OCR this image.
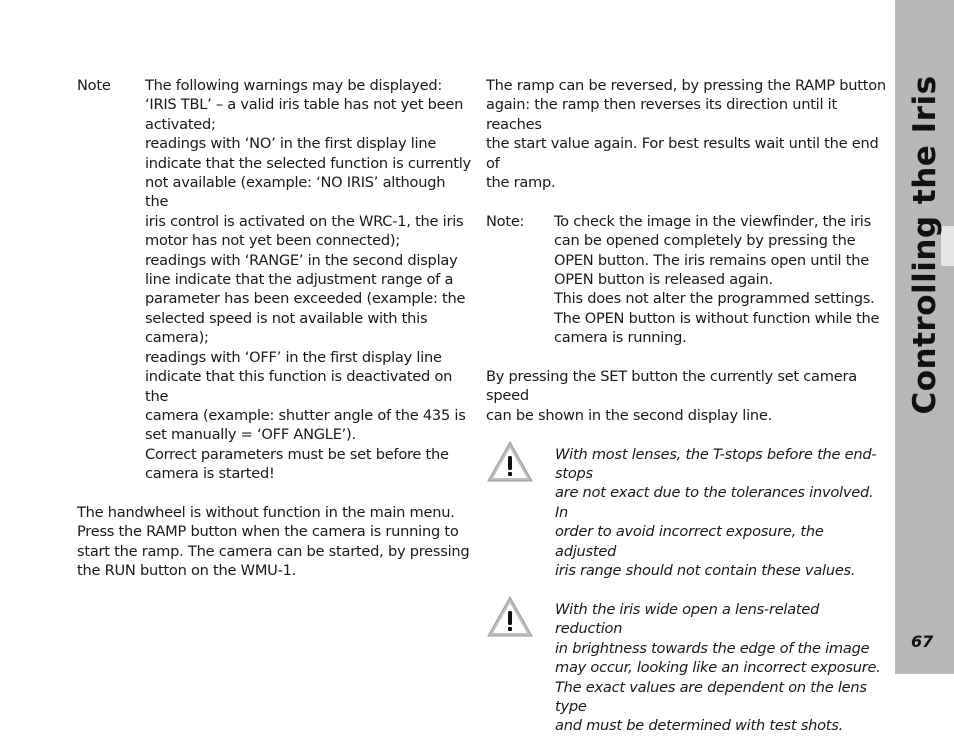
Note The following warnings may be displayed:

‘IRIS TBL’ – a valid iris table has not yet been

activated;

readings with ‘NO’ in the first display line

indicate that the selected function is currently

not available (example: ‘NO IRIS’ although the

iris control is activated on the WRC-1, the iris

motor has not yet been connected);

readings with ‘RANGE’ in the second display

line indicate that the adjustment range of a

parameter has been exceeded (example: the

selected speed is not available with this camera);

readings with ‘OFF’ in the first display line

indicate that this function is deactivated on the

camera (example: shutter angle of the 435 is

set manually = ‘OFF ANGLE’).

Correct parameters must be set before the

camera is started!

The handwheel is without function in the main menu.

Press the RAMP button when the camera is running to

start the ramp. The camera can be started, by pressing

the RUN button on the WMU-1.

The ramp can be reversed, by pressing the RAMP button

again: the ramp then reverses its direction until it reaches

the start value again. For best results wait until the end of

the ramp.

Note: To check the image in the viewfinder, the iris

can be opened completely by pressing the

OPEN button. The iris remains open until the

OPEN button is released again.

This does not alter the programmed settings.

The OPEN button is without function while the

camera is running.

By pressing the SET button the currently set camera speed

can be shown in the second display line.

With most lenses, the T-stops before the end-stops

are not exact due to the tolerances involved. In

order to avoid incorrect exposure, the adjusted

iris range should not contain these values.

With the iris wide open a lens-related reduction

in brightness towards the edge of the image

may occur, looking like an incorrect exposure.

The exact values are dependent on the lens type

and must be determined with test shots.

Controlling the Iris
67
